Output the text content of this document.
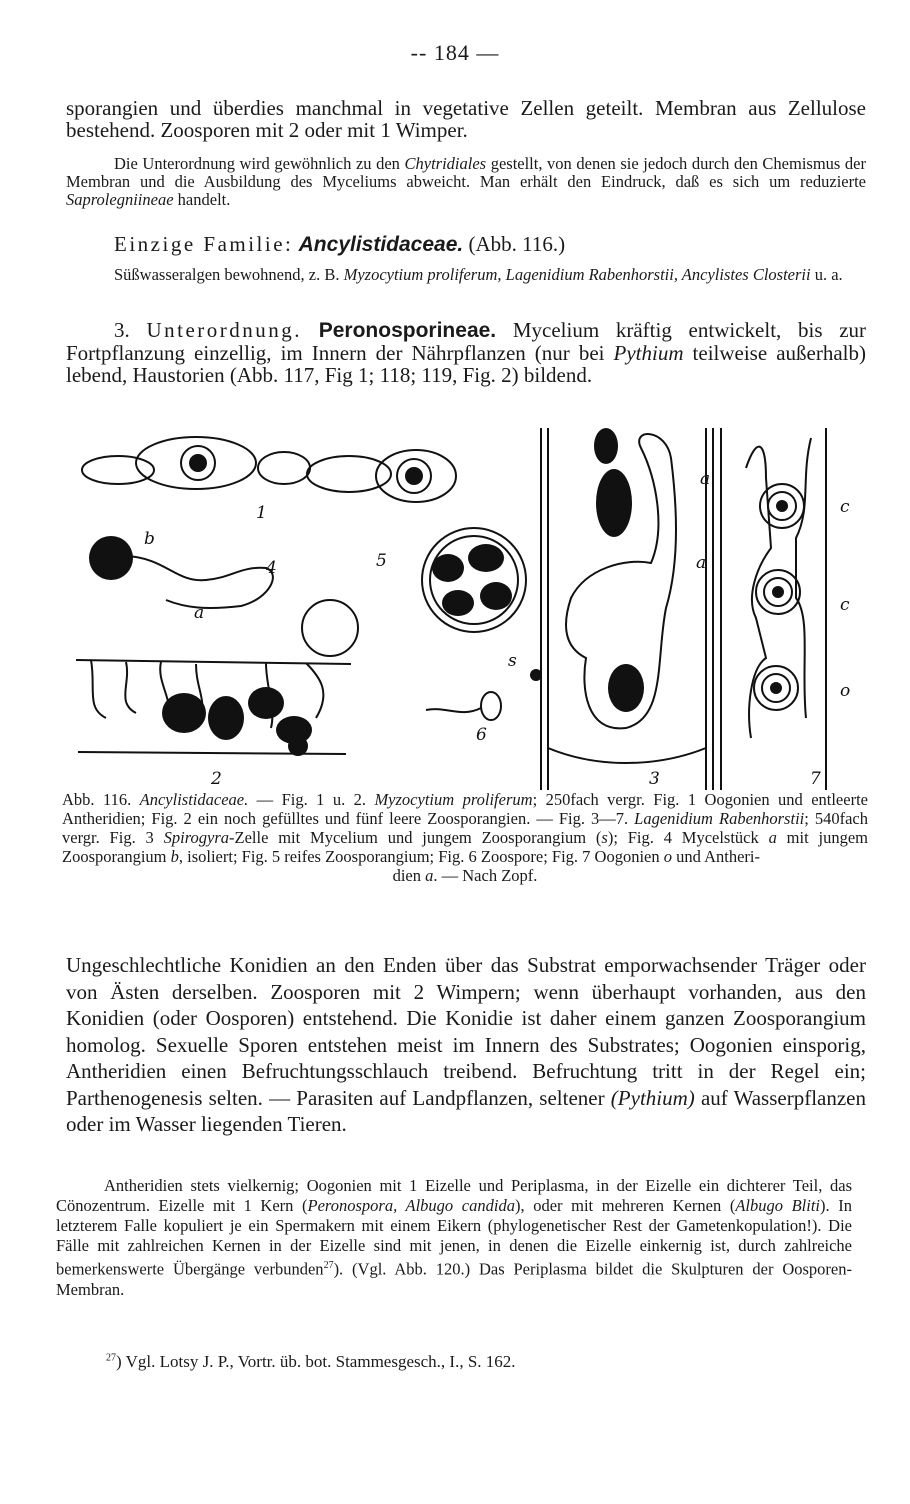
-- 184 —
sporangien und überdies manchmal in vegetative Zellen geteilt. Membran aus Zellulose bestehend. Zoosporen mit 2 oder mit 1 Wimper.
Die Unterordnung wird gewöhnlich zu den Chytridiales gestellt, von denen sie jedoch durch den Chemismus der Membran und die Ausbildung des Myceliums abweicht. Man erhält den Eindruck, daß es sich um reduzierte Saprolegniineae handelt.
Einzige Familie: Ancylistidaceae. (Abb. 116.)
Süßwasseralgen bewohnend, z. B. Myzocytium proliferum, Lagenidium Rabenhorstii, Ancylistes Closterii u. a.
3. Unterordnung. Peronosporineae. Mycelium kräftig entwickelt, bis zur Fortpflanzung einzellig, im Innern der Nährpflanzen (nur bei Pythium teilweise außerhalb) lebend, Haustorien (Abb. 117, Fig 1; 118; 119, Fig. 2) bildend.
1
2	3
4	5
6
7
b
a
s
a
a
c
c
o
Abb. 116. Ancylistidaceae. — Fig. 1 u. 2. Myzocytium proliferum; 250fach vergr. Fig. 1 Oogonien und entleerte Antheridien; Fig. 2 ein noch gefülltes und fünf leere Zoosporangien. — Fig. 3—7. Lagenidium Rabenhorstii; 540fach vergr. Fig. 3 Spirogyra-Zelle mit Mycelium und jungem Zoosporangium (s); Fig. 4 Mycelstück a mit jungem Zoosporangium b, isoliert; Fig. 5 reifes Zoosporangium; Fig. 6 Zoospore; Fig. 7 Oogonien o und Antheri-
dien a. — Nach Zopf.
Ungeschlechtliche Konidien an den Enden über das Substrat emporwachsender Träger oder von Ästen derselben. Zoosporen mit 2 Wimpern; wenn überhaupt vorhanden, aus den Konidien (oder Oosporen) entstehend. Die Konidie ist daher einem ganzen Zoosporangium homolog. Sexuelle Sporen entstehen meist im Innern des Substrates; Oogonien einsporig, Antheridien einen Befruchtungsschlauch treibend. Befruchtung tritt in der Regel ein; Parthenogenesis selten. — Parasiten auf Landpflanzen, seltener (Pythium) auf Wasserpflanzen oder im Wasser liegenden Tieren.
Antheridien stets vielkernig; Oogonien mit 1 Eizelle und Periplasma, in der Eizelle ein dichterer Teil, das Cönozentrum. Eizelle mit 1 Kern (Peronospora, Albugo candida), oder mit mehreren Kernen (Albugo Bliti). In letzterem Falle kopuliert je ein Spermakern mit einem Eikern (phylogenetischer Rest der Gametenkopulation!). Die Fälle mit zahlreichen Kernen in der Eizelle sind mit jenen, in denen die Eizelle einkernig ist, durch zahlreiche bemerkenswerte Übergänge verbunden$^{27}$). (Vgl. Abb. 120.) Das Periplasma bildet die Skulpturen der Oosporen-Membran.
$^{27}$) Vgl. Lotsy J. P., Vortr. üb. bot. Stammesgesch., I., S. 162.
